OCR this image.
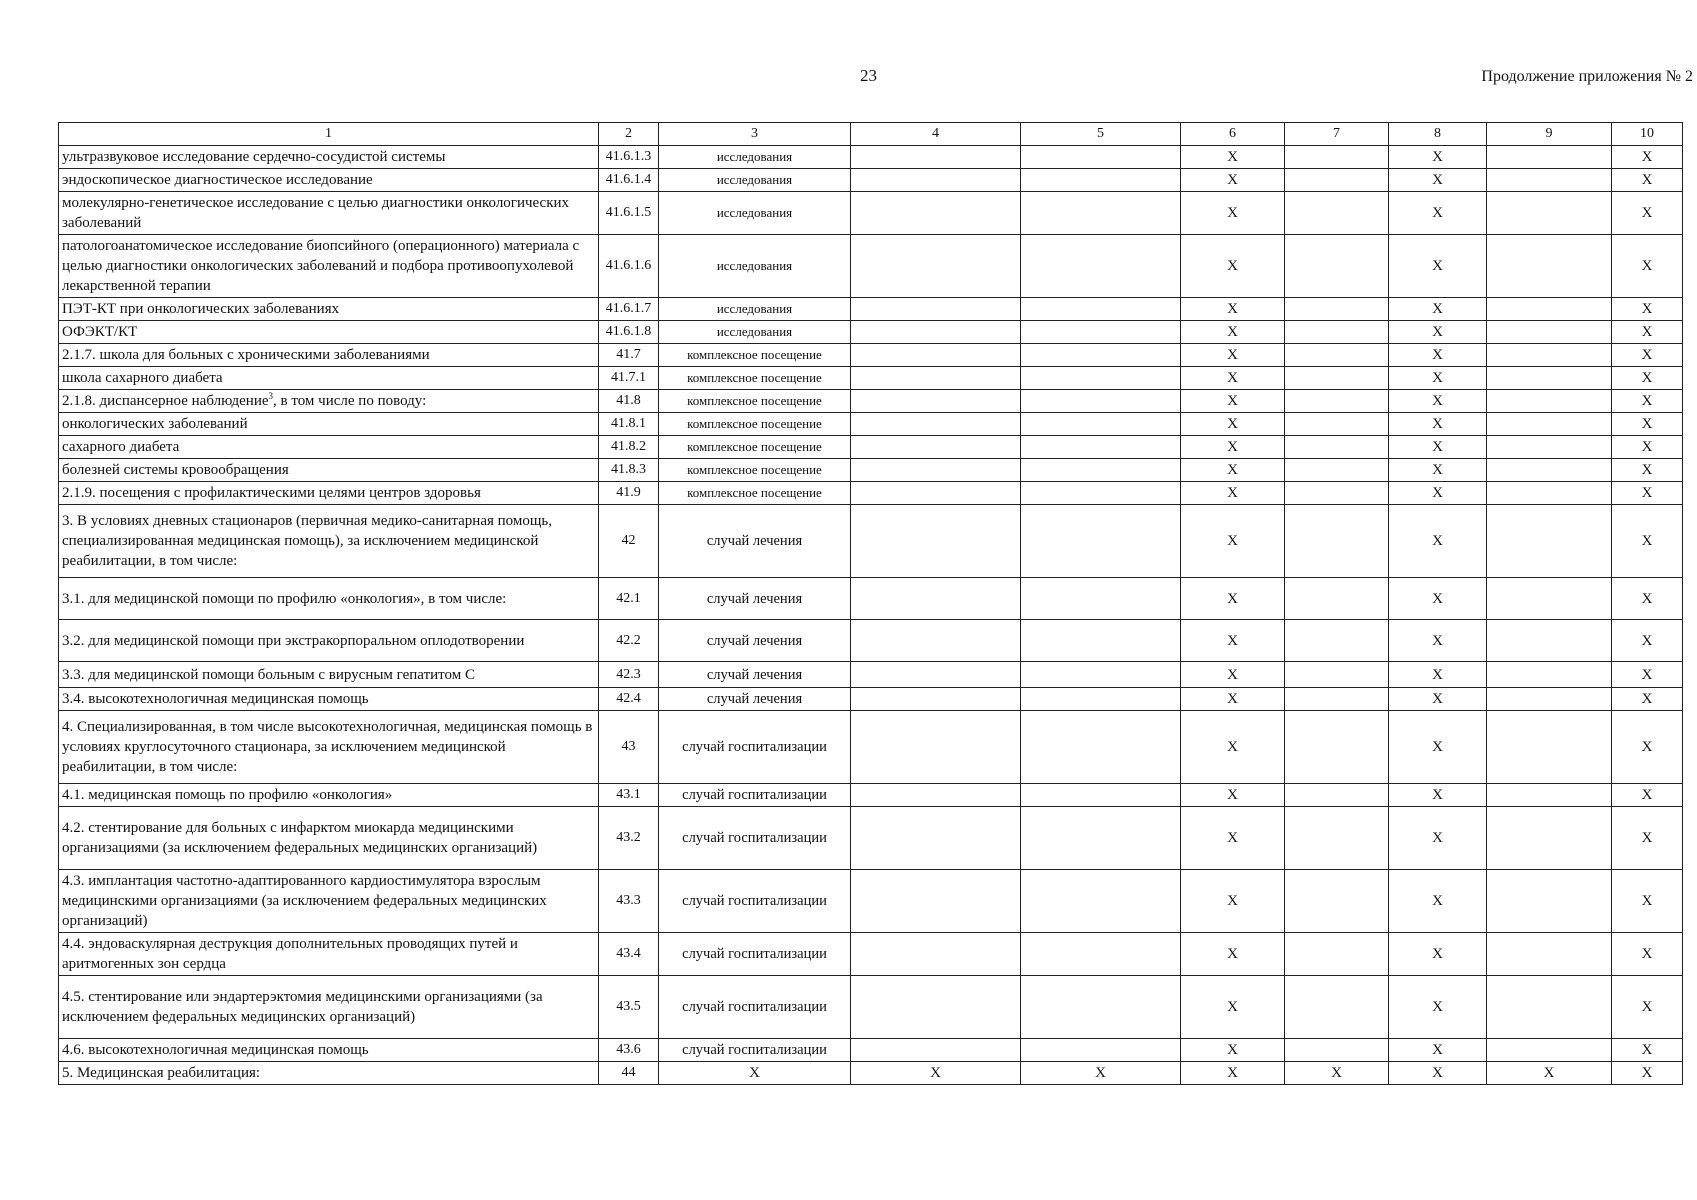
23	Продолжение приложения № 2
1	2	3	4	5	6	7	8	9	10
ультразвуковое исследование сердечно-сосудистой системы	41.6.1.3	исследования			X		X		X
эндоскопическое диагностическое исследование	41.6.1.4	исследования			X		X		X
молекулярно-генетическое исследование с целью диагностики онкологических заболеваний	41.6.1.5	исследования			X		X		X
патологоанатомическое исследование биопсийного (операционного) материала с целью диагностики онкологических заболеваний и подбора противоопухолевой лекарственной терапии	41.6.1.6	исследования			X		X		X
ПЭТ-КТ при онкологических заболеваниях	41.6.1.7	исследования			X		X		X
ОФЭКТ/КТ	41.6.1.8	исследования			X		X		X
2.1.7. школа для больных с хроническими заболеваниями	41.7	комплексное посещение			X		X		X
школа сахарного диабета	41.7.1	комплексное посещение			X		X		X
2.1.8. диспансерное наблюдение$^3$, в том числе по поводу:	41.8	комплексное посещение			X		X		X
онкологических заболеваний	41.8.1	комплексное посещение			X		X		X
сахарного диабета	41.8.2	комплексное посещение			X		X		X
болезней системы кровообращения	41.8.3	комплексное посещение			X		X		X
2.1.9. посещения с профилактическими целями центров здоровья	41.9	комплексное посещение			X		X		X
3. В условиях дневных стационаров (первичная медико-санитарная помощь, специализированная медицинская помощь), за исключением медицинской реабилитации, в том числе:	42	случай лечения			X		X		X
3.1. для медицинской помощи по профилю «онкология», в том числе:	42.1	случай лечения			X		X		X
3.2. для медицинской помощи при экстракорпоральном оплодотворении	42.2	случай лечения			X		X		X
3.3. для медицинской помощи больным с вирусным гепатитом С	42.3	случай лечения			X		X		X
3.4. высокотехнологичная медицинская помощь	42.4	случай лечения			X		X		X
4. Специализированная, в том числе высокотехнологичная, медицинская помощь в условиях круглосуточного стационара, за исключением медицинской реабилитации, в том числе:	43	случай госпитализации			X		X		X
4.1. медицинская помощь по профилю «онкология»	43.1	случай госпитализации			X		X		X
4.2. стентирование для больных с инфарктом миокарда медицинскими организациями (за исключением федеральных медицинских организаций)	43.2	случай госпитализации			X		X		X
4.3. имплантация частотно-адаптированного кардиостимулятора взрослым медицинскими организациями (за исключением федеральных медицинских организаций)	43.3	случай госпитализации			X		X		X
4.4. эндоваскулярная деструкция дополнительных проводящих путей и аритмогенных зон сердца	43.4	случай госпитализации			X		X		X
4.5. стентирование или эндартерэктомия медицинскими организациями (за исключением федеральных медицинских организаций)	43.5	случай госпитализации			X		X		X
4.6. высокотехнологичная медицинская помощь	43.6	случай госпитализации			X		X		X
5. Медицинская реабилитация:	44	X	X	X	X	X	X	X	X
